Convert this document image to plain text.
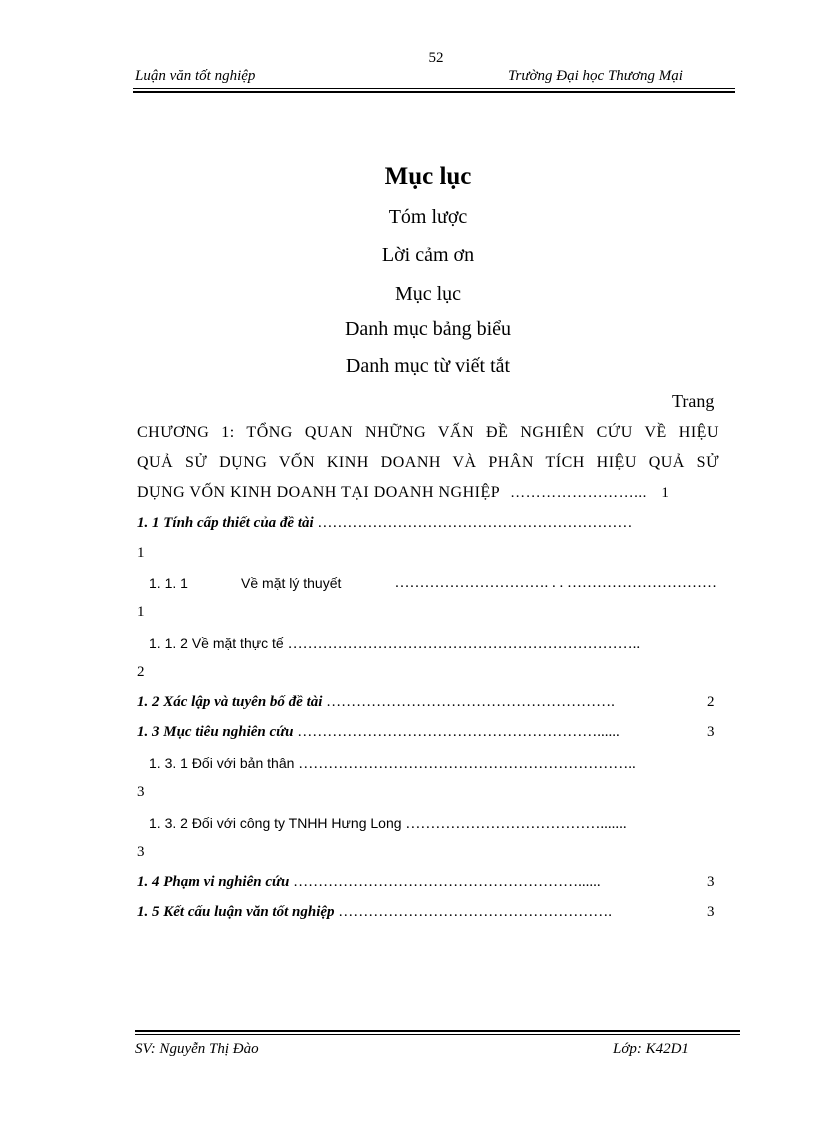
52
Luận văn tốt nghiệp	Trường Đại học Thương Mại
Mục lục
Tóm lược
Lời cảm ơn
Mục lục
Danh mục bảng biểu
Danh mục từ viết tắt
Trang
CHƯƠNG 1: TỔNG QUAN NHỮNG VẤN ĐỀ NGHIÊN CỨU VỀ HIỆU
QUẢ SỬ DỤNG VỐN KINH DOANH VÀ PHÂN TÍCH HIỆU QUẢ SỬ
DỤNG VỐN KINH DOANH TẠI DOANH NGHIỆP ……………………... 1
1. 1 Tính cấp thiết của đề tài ………………………………………………………
1
1. 1. 1	Về mặt lý thuyết	…………………………. . . …………………………
1
1. 1. 2 Về mặt thực tế ……………………………………………………………..
2
1. 2 Xác lập và tuyên bố đề tài ………………………………………………….	2
1. 3 Mục tiêu nghiên cứu ……………………………………………………......	3
1. 3. 1 Đối với bản thân …………………………………………………………..
3
1. 3. 2 Đối với công ty TNHH Hưng Long ………………………………….......
3
1. 4 Phạm vi nghiên cứu …………………………………………………......	3
1. 5 Kết cấu luận văn tốt nghiệp ……………………………………………….	3
SV: Nguyễn Thị Đào	Lớp: K42D1
